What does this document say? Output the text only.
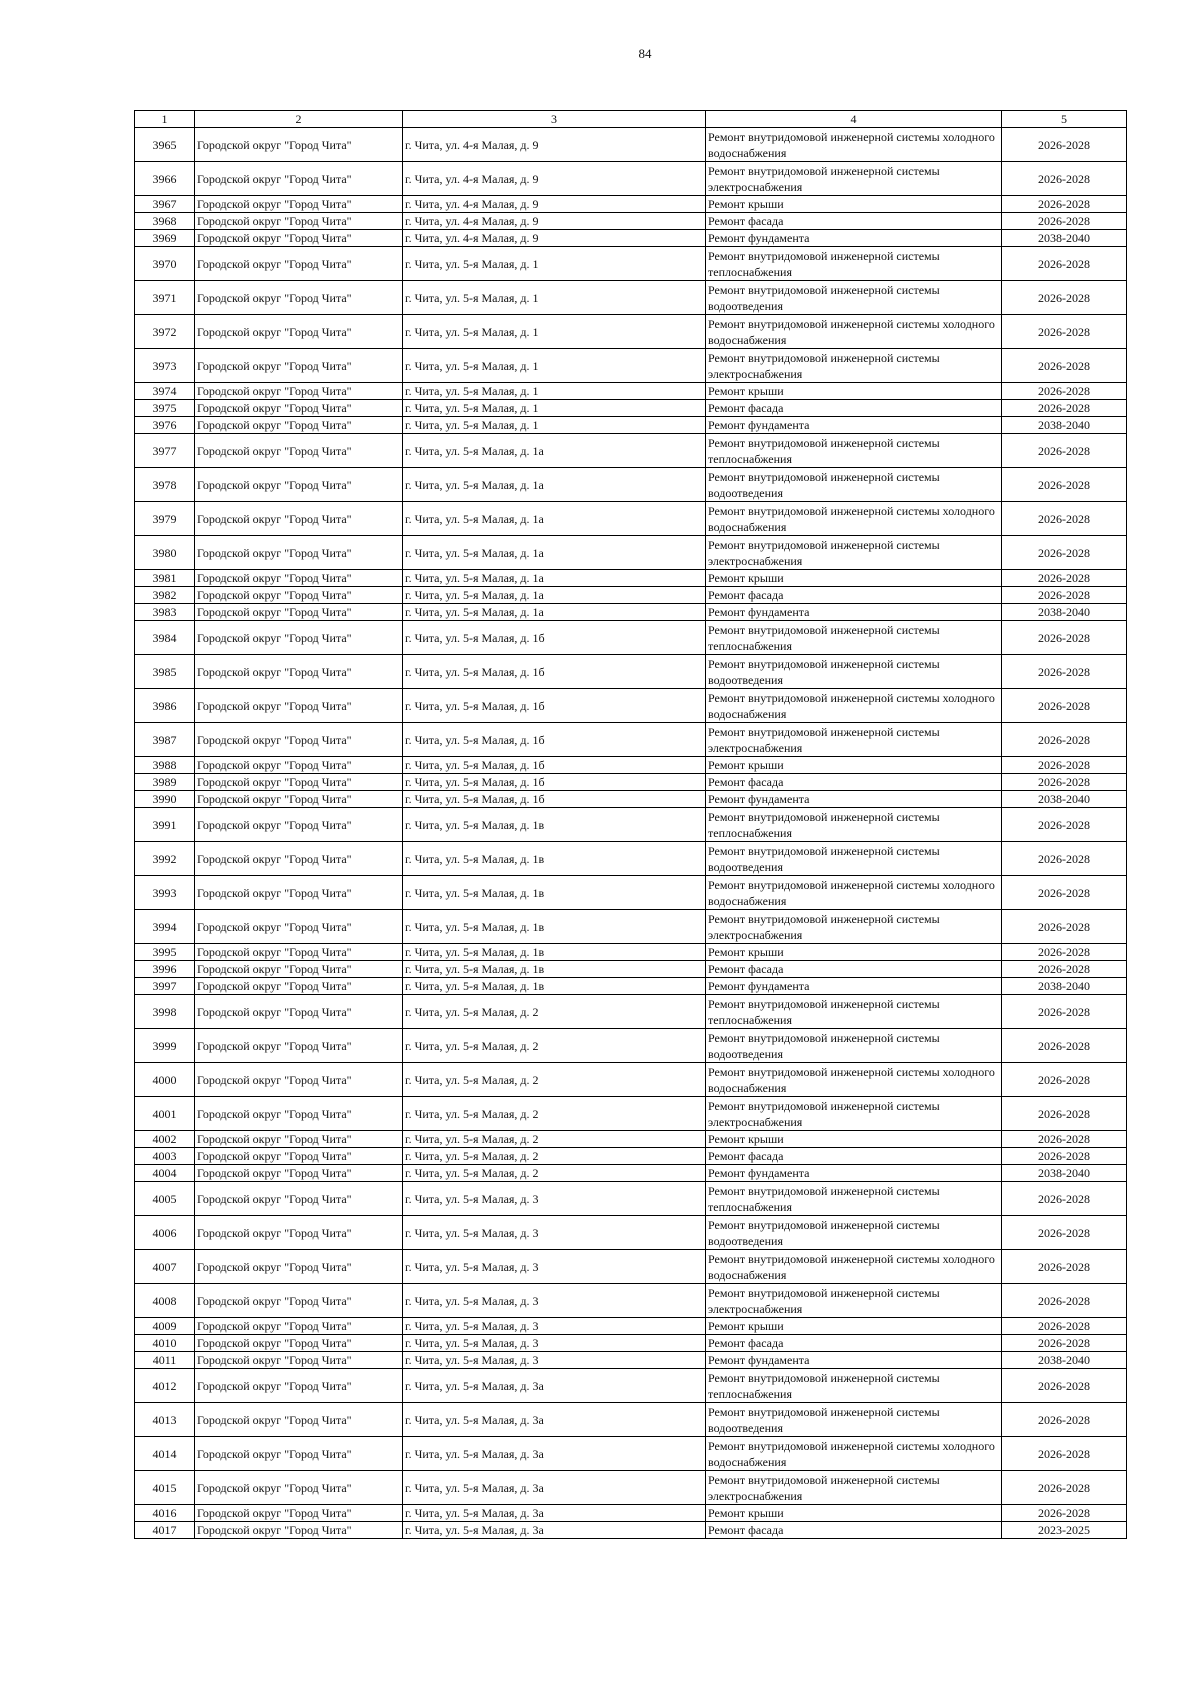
84
1	2	3	4	5
3965	Городской округ "Город Чита"	г. Чита, ул. 4-я Малая, д. 9	Ремонт внутридомовой инженерной системы холодного водоснабжения	2026-2028
3966	Городской округ "Город Чита"	г. Чита, ул. 4-я Малая, д. 9	Ремонт внутридомовой инженерной системы электроснабжения	2026-2028
3967	Городской округ "Город Чита"	г. Чита, ул. 4-я Малая, д. 9	Ремонт крыши	2026-2028
3968	Городской округ "Город Чита"	г. Чита, ул. 4-я Малая, д. 9	Ремонт фасада	2026-2028
3969	Городской округ "Город Чита"	г. Чита, ул. 4-я Малая, д. 9	Ремонт фундамента	2038-2040
3970	Городской округ "Город Чита"	г. Чита, ул. 5-я Малая, д. 1	Ремонт внутридомовой инженерной системы теплоснабжения	2026-2028
3971	Городской округ "Город Чита"	г. Чита, ул. 5-я Малая, д. 1	Ремонт внутридомовой инженерной системы водоотведения	2026-2028
3972	Городской округ "Город Чита"	г. Чита, ул. 5-я Малая, д. 1	Ремонт внутридомовой инженерной системы холодного водоснабжения	2026-2028
3973	Городской округ "Город Чита"	г. Чита, ул. 5-я Малая, д. 1	Ремонт внутридомовой инженерной системы электроснабжения	2026-2028
3974	Городской округ "Город Чита"	г. Чита, ул. 5-я Малая, д. 1	Ремонт крыши	2026-2028
3975	Городской округ "Город Чита"	г. Чита, ул. 5-я Малая, д. 1	Ремонт фасада	2026-2028
3976	Городской округ "Город Чита"	г. Чита, ул. 5-я Малая, д. 1	Ремонт фундамента	2038-2040
3977	Городской округ "Город Чита"	г. Чита, ул. 5-я Малая, д. 1а	Ремонт внутридомовой инженерной системы теплоснабжения	2026-2028
3978	Городской округ "Город Чита"	г. Чита, ул. 5-я Малая, д. 1а	Ремонт внутридомовой инженерной системы водоотведения	2026-2028
3979	Городской округ "Город Чита"	г. Чита, ул. 5-я Малая, д. 1а	Ремонт внутридомовой инженерной системы холодного водоснабжения	2026-2028
3980	Городской округ "Город Чита"	г. Чита, ул. 5-я Малая, д. 1а	Ремонт внутридомовой инженерной системы электроснабжения	2026-2028
3981	Городской округ "Город Чита"	г. Чита, ул. 5-я Малая, д. 1а	Ремонт крыши	2026-2028
3982	Городской округ "Город Чита"	г. Чита, ул. 5-я Малая, д. 1а	Ремонт фасада	2026-2028
3983	Городской округ "Город Чита"	г. Чита, ул. 5-я Малая, д. 1а	Ремонт фундамента	2038-2040
3984	Городской округ "Город Чита"	г. Чита, ул. 5-я Малая, д. 1б	Ремонт внутридомовой инженерной системы теплоснабжения	2026-2028
3985	Городской округ "Город Чита"	г. Чита, ул. 5-я Малая, д. 1б	Ремонт внутридомовой инженерной системы водоотведения	2026-2028
3986	Городской округ "Город Чита"	г. Чита, ул. 5-я Малая, д. 1б	Ремонт внутридомовой инженерной системы холодного водоснабжения	2026-2028
3987	Городской округ "Город Чита"	г. Чита, ул. 5-я Малая, д. 1б	Ремонт внутридомовой инженерной системы электроснабжения	2026-2028
3988	Городской округ "Город Чита"	г. Чита, ул. 5-я Малая, д. 1б	Ремонт крыши	2026-2028
3989	Городской округ "Город Чита"	г. Чита, ул. 5-я Малая, д. 1б	Ремонт фасада	2026-2028
3990	Городской округ "Город Чита"	г. Чита, ул. 5-я Малая, д. 1б	Ремонт фундамента	2038-2040
3991	Городской округ "Город Чита"	г. Чита, ул. 5-я Малая, д. 1в	Ремонт внутридомовой инженерной системы теплоснабжения	2026-2028
3992	Городской округ "Город Чита"	г. Чита, ул. 5-я Малая, д. 1в	Ремонт внутридомовой инженерной системы водоотведения	2026-2028
3993	Городской округ "Город Чита"	г. Чита, ул. 5-я Малая, д. 1в	Ремонт внутридомовой инженерной системы холодного водоснабжения	2026-2028
3994	Городской округ "Город Чита"	г. Чита, ул. 5-я Малая, д. 1в	Ремонт внутридомовой инженерной системы электроснабжения	2026-2028
3995	Городской округ "Город Чита"	г. Чита, ул. 5-я Малая, д. 1в	Ремонт крыши	2026-2028
3996	Городской округ "Город Чита"	г. Чита, ул. 5-я Малая, д. 1в	Ремонт фасада	2026-2028
3997	Городской округ "Город Чита"	г. Чита, ул. 5-я Малая, д. 1в	Ремонт фундамента	2038-2040
3998	Городской округ "Город Чита"	г. Чита, ул. 5-я Малая, д. 2	Ремонт внутридомовой инженерной системы теплоснабжения	2026-2028
3999	Городской округ "Город Чита"	г. Чита, ул. 5-я Малая, д. 2	Ремонт внутридомовой инженерной системы водоотведения	2026-2028
4000	Городской округ "Город Чита"	г. Чита, ул. 5-я Малая, д. 2	Ремонт внутридомовой инженерной системы холодного водоснабжения	2026-2028
4001	Городской округ "Город Чита"	г. Чита, ул. 5-я Малая, д. 2	Ремонт внутридомовой инженерной системы электроснабжения	2026-2028
4002	Городской округ "Город Чита"	г. Чита, ул. 5-я Малая, д. 2	Ремонт крыши	2026-2028
4003	Городской округ "Город Чита"	г. Чита, ул. 5-я Малая, д. 2	Ремонт фасада	2026-2028
4004	Городской округ "Город Чита"	г. Чита, ул. 5-я Малая, д. 2	Ремонт фундамента	2038-2040
4005	Городской округ "Город Чита"	г. Чита, ул. 5-я Малая, д. 3	Ремонт внутридомовой инженерной системы теплоснабжения	2026-2028
4006	Городской округ "Город Чита"	г. Чита, ул. 5-я Малая, д. 3	Ремонт внутридомовой инженерной системы водоотведения	2026-2028
4007	Городской округ "Город Чита"	г. Чита, ул. 5-я Малая, д. 3	Ремонт внутридомовой инженерной системы холодного водоснабжения	2026-2028
4008	Городской округ "Город Чита"	г. Чита, ул. 5-я Малая, д. 3	Ремонт внутридомовой инженерной системы электроснабжения	2026-2028
4009	Городской округ "Город Чита"	г. Чита, ул. 5-я Малая, д. 3	Ремонт крыши	2026-2028
4010	Городской округ "Город Чита"	г. Чита, ул. 5-я Малая, д. 3	Ремонт фасада	2026-2028
4011	Городской округ "Город Чита"	г. Чита, ул. 5-я Малая, д. 3	Ремонт фундамента	2038-2040
4012	Городской округ "Город Чита"	г. Чита, ул. 5-я Малая, д. 3а	Ремонт внутридомовой инженерной системы теплоснабжения	2026-2028
4013	Городской округ "Город Чита"	г. Чита, ул. 5-я Малая, д. 3а	Ремонт внутридомовой инженерной системы водоотведения	2026-2028
4014	Городской округ "Город Чита"	г. Чита, ул. 5-я Малая, д. 3а	Ремонт внутридомовой инженерной системы холодного водоснабжения	2026-2028
4015	Городской округ "Город Чита"	г. Чита, ул. 5-я Малая, д. 3а	Ремонт внутридомовой инженерной системы электроснабжения	2026-2028
4016	Городской округ "Город Чита"	г. Чита, ул. 5-я Малая, д. 3а	Ремонт крыши	2026-2028
4017	Городской округ "Город Чита"	г. Чита, ул. 5-я Малая, д. 3а	Ремонт фасада	2023-2025
